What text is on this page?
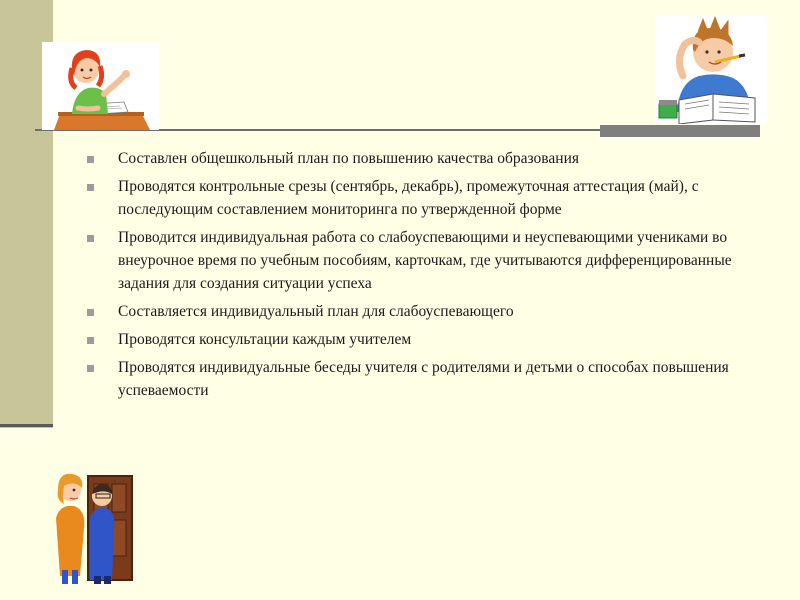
Составлен общешкольный план по повышению качества образования
Проводятся контрольные срезы (сентябрь, декабрь), промежуточная аттестация (май), с последующим составлением мониторинга по утвержденной форме
Проводится индивидуальная работа со слабоуспевающими и неуспевающими учениками во внеурочное время по учебным пособиям, карточкам, где учитываются дифференцированные задания для создания ситуации успеха
Составляется индивидуальный план для слабоуспевающего
Проводятся консультации каждым учителем
Проводятся индивидуальные беседы учителя с родителями и детьми о способах повышения успеваемости
